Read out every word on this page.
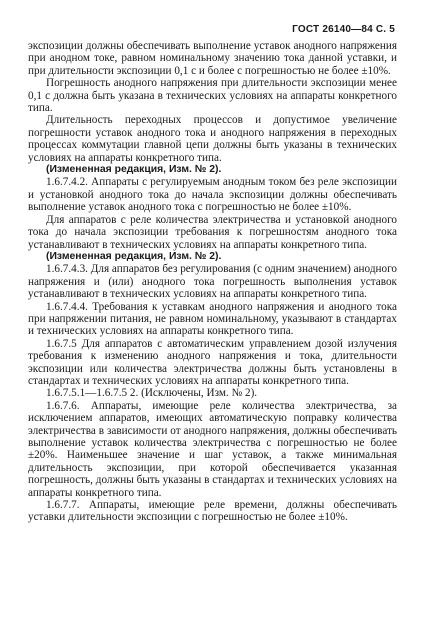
ГОСТ 26140—84 С. 5

экспозиции должны обеспечивать выполнение уставок анодного напряжения при анодном токе, равном номинальному значению тока данной уставки, и при длительности экспозиции 0,1 с и более с погрешностью не более ±10%.

Погрешность анодного напряжения при длительности экспозиции менее 0,1 с должна быть указана в технических условиях на аппараты конкретного типа.

Длительность переходных процессов и допустимое увеличение погрешности уставок анодного тока и анодного напряжения в переходных процессах коммутации главной цепи должны быть указаны в технических условиях на аппараты конкретного типа.

(Измененная редакция, Изм. № 2).

1.6.7.4.2. Аппараты с регулируемым анодным током без реле экспозиции и установкой анодного тока до начала экспозиции должны обеспечивать выполнение уставок анодного тока с погрешностью не более ±10%.

Для аппаратов с реле количества электричества и установкой анодного тока до начала экспозиции требования к погрешностям анодного тока устанавливают в технических условиях на аппараты конкретного типа.

(Измененная редакция, Изм. № 2).

1.6.7.4.3. Для аппаратов без регулирования (с одним значением) анодного напряжения и (или) анодного тока погрешность выполнения уставок устанавливают в технических условиях на аппараты конкретного типа.

1.6.7.4.4. Требования к уставкам анодного напряжения и анодного тока при напряжении питания, не равном номинальному, указывают в стандартах и технических условиях на аппараты конкретного типа.

1.6.7.5 Для аппаратов с автоматическим управлением дозой излучения требования к изменению анодного напряжения и тока, длительности экспозиции или количества электричества должны быть установлены в стандартах и технических условиях на аппараты конкретного типа.

1.6.7.5.1—1.6.7.5 2. (Исключены, Изм. № 2).

1.6.7.6. Аппараты, имеющие реле количества электричества, за исключением аппаратов, имеющих автоматическую поправку количества электричества в зависимости от анодного напряжения, должны обеспечивать выполнение уставок количества электричества с погрешностью не более ±20%. Наименьшее значение и шаг уставок, а также минимальная длительность экспозиции, при которой обеспечивается указанная погрешность, должны быть указаны в стандартах и технических условиях на аппараты конкретного типа.

1.6.7.7. Аппараты, имеющие реле времени, должны обеспечивать уставки длительности экспозиции с погрешностью не более ±10%.
